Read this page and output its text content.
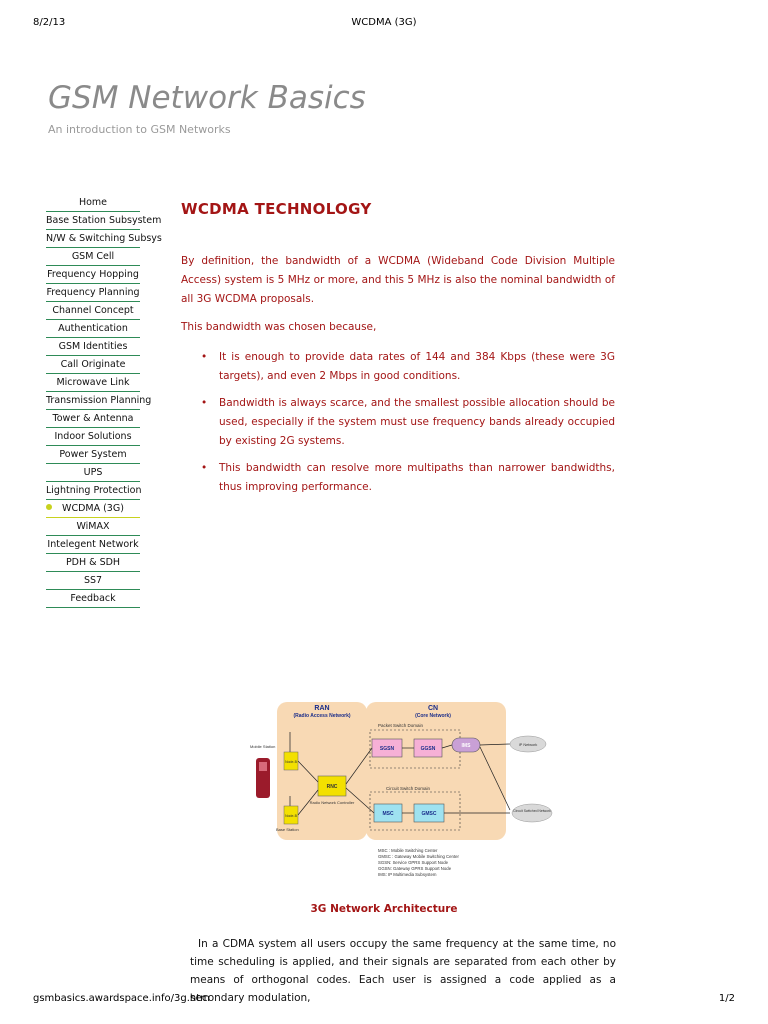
8/2/13	WCDMA (3G)
GSM Network Basics
An introduction to GSM Networks
Home
Base Station Subsystem
N/W & Switching Subsys
GSM Cell
Frequency Hopping
Frequency Planning
Channel Concept
Authentication
GSM Identities
Call Originate
Microwave Link
Transmission Planning
Tower & Antenna
Indoor Solutions
Power System
UPS
Lightning Protection
WCDMA (3G)
WiMAX
Intelegent Network
PDH & SDH
SS7
Feedback
WCDMA TECHNOLOGY

By definition, the bandwidth of a WCDMA (Wideband Code Division Multiple Access) system is 5 MHz or more, and this 5 MHz is also the nominal bandwidth of all 3G WCDMA proposals.

This bandwidth was chosen because,

• It is enough to provide data rates of 144 and 384 Kbps (these were 3G targets), and even 2 Mbps in good conditions.
• Bandwidth is always scarce, and the smallest possible allocation should be used, especially if the system must use frequency bands already occupied by existing 2G systems.
• This bandwidth can resolve more multipaths than narrower bandwidths, thus improving performance.
RAN
(Radio Access Network)
CN
(Core Network)
Packet Switch Domain
SGSN	GGSN	IMS
Circuit Switch Domain
MSC	GMSC
RNC
Radio Network Controller
Node-B
Node-B
Base Station
Mobile Station	IP Network
Circuit Switched Network
MSC : Mobile Switching Center
GMSC : Gateway Mobile Switching Center
SGSN: Service GPRS Support Node
GGSN: Gateway GPRS Support Node
IMS: IP Multimedia Subsystem
3G Network Architecture
In a CDMA system all users occupy the same frequency at the same time, no time scheduling is applied, and their signals are separated from each other by means of orthogonal codes. Each user is assigned a code applied as a secondary modulation,
gsmbasics.awardspace.info/3g.htm	1/2
